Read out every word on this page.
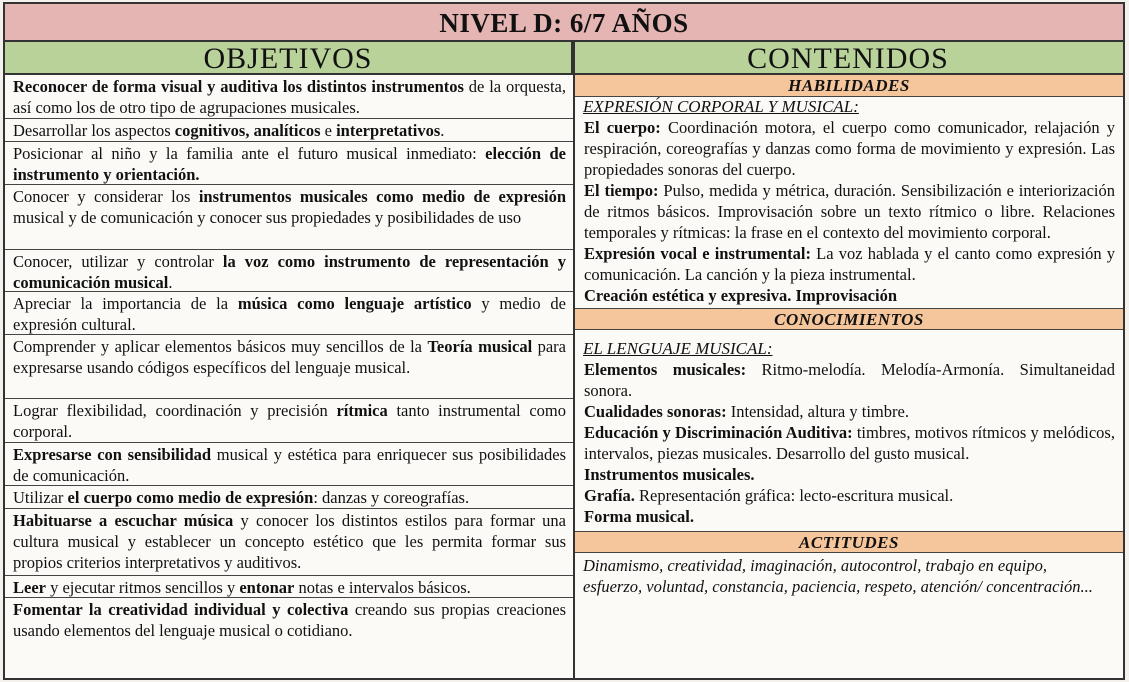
NIVEL D: 6/7 AÑOS
OBJETIVOS	CONTENIDOS
Reconocer de forma visual y auditiva los distintos instrumentos de la orquesta, así como los de otro tipo de agrupaciones musicales.
Desarrollar los aspectos cognitivos, analíticos e interpretativos.
Posicionar al niño y la familia ante el futuro musical inmediato: elección de instrumento y orientación.
Conocer y considerar los instrumentos musicales como medio de expresión musical y de comunicación y conocer sus propiedades y posibilidades de uso
Conocer, utilizar y controlar la voz como instrumento de representación y comunicación musical.
Apreciar la importancia de la música como lenguaje artístico y medio de expresión cultural.
Comprender y aplicar elementos básicos muy sencillos de la Teoría musical para expresarse usando códigos específicos del lenguaje musical.
Lograr flexibilidad, coordinación y precisión rítmica tanto instrumental como corporal.
Expresarse con sensibilidad musical y estética para enriquecer sus posibilidades de comunicación.
Utilizar el cuerpo como medio de expresión: danzas y coreografías.
Habituarse a escuchar música y conocer los distintos estilos para formar una cultura musical y establecer un concepto estético que les permita formar sus propios criterios interpretativos y auditivos.
Leer y ejecutar ritmos sencillos y entonar notas e intervalos básicos.
Fomentar la creatividad individual y colectiva creando sus propias creaciones usando elementos del lenguaje musical o cotidiano.
HABILIDADES
EXPRESIÓN CORPORAL Y MUSICAL:
El cuerpo: Coordinación motora, el cuerpo como comunicador, relajación y respiración, coreografías y danzas como forma de movimiento y expresión. Las propiedades sonoras del cuerpo.
El tiempo: Pulso, medida y métrica, duración. Sensibilización e interiorización de ritmos básicos. Improvisación sobre un texto rítmico o libre. Relaciones temporales y rítmicas: la frase en el contexto del movimiento corporal.
Expresión vocal e instrumental: La voz hablada y el canto como expresión y comunicación. La canción y la pieza instrumental.
Creación estética y expresiva. Improvisación
CONOCIMIENTOS
EL LENGUAJE MUSICAL:
Elementos musicales: Ritmo-melodía. Melodía-Armonía. Simultaneidad sonora.
Cualidades sonoras: Intensidad, altura y timbre.
Educación y Discriminación Auditiva: timbres, motivos rítmicos y melódicos, intervalos, piezas musicales. Desarrollo del gusto musical.
Instrumentos musicales.
Grafía. Representación gráfica: lecto-escritura musical.
Forma musical.
ACTITUDES
Dinamismo, creatividad, imaginación, autocontrol, trabajo en equipo, esfuerzo, voluntad, constancia, paciencia, respeto, atención/ concentración...
